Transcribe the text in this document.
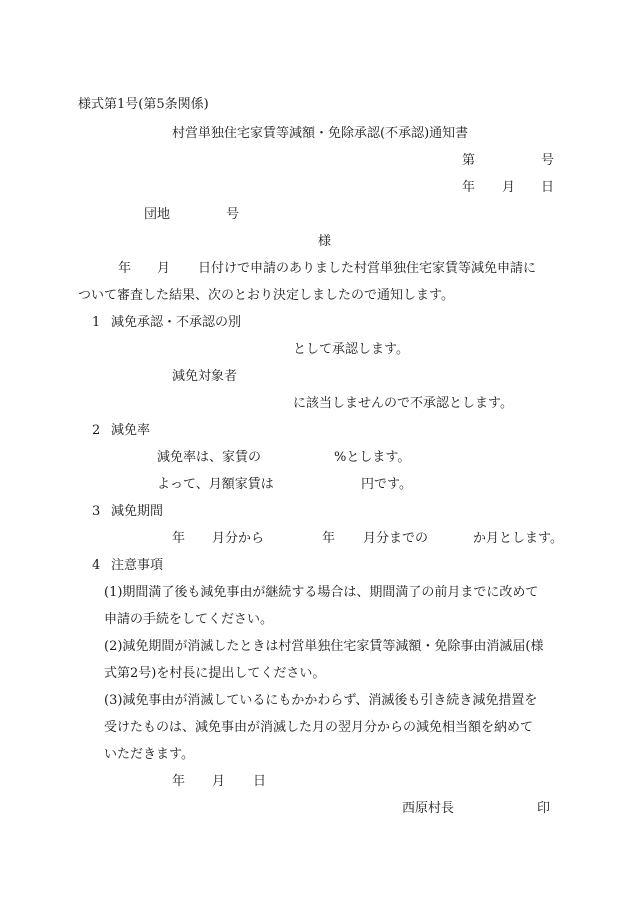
様式第1号(第5条関係)
村営単独住宅家賃等減額・免除承認(不承認)通知書
第	号
年 月 日
団地	号
様
年 月 日付けで申請のありました村営単独住宅家賃等減免申請に
ついて審査した結果、次のとおり決定しましたので通知します。
1 減免承認・不承認の別
として承認します。
減免対象者
に該当しませんので不承認とします。
2 減免率
減免率は、家賃の	%とします。
よって、月額家賃は	円です。
3 減免期間
年 月分から	年 月分までの	か月とします。
4 注意事項
(1)期間満了後も減免事由が継続する場合は、期間満了の前月までに改めて
申請の手続をしてください。
(2)減免期間が消滅したときは村営単独住宅家賃等減額・免除事由消滅届(様
式第2号)を村長に提出してください。
(3)減免事由が消滅しているにもかかわらず、消滅後も引き続き減免措置を
受けたものは、減免事由が消滅した月の翌月分からの減免相当額を納めて
いただきます。
年 月 日
西原村長	印
